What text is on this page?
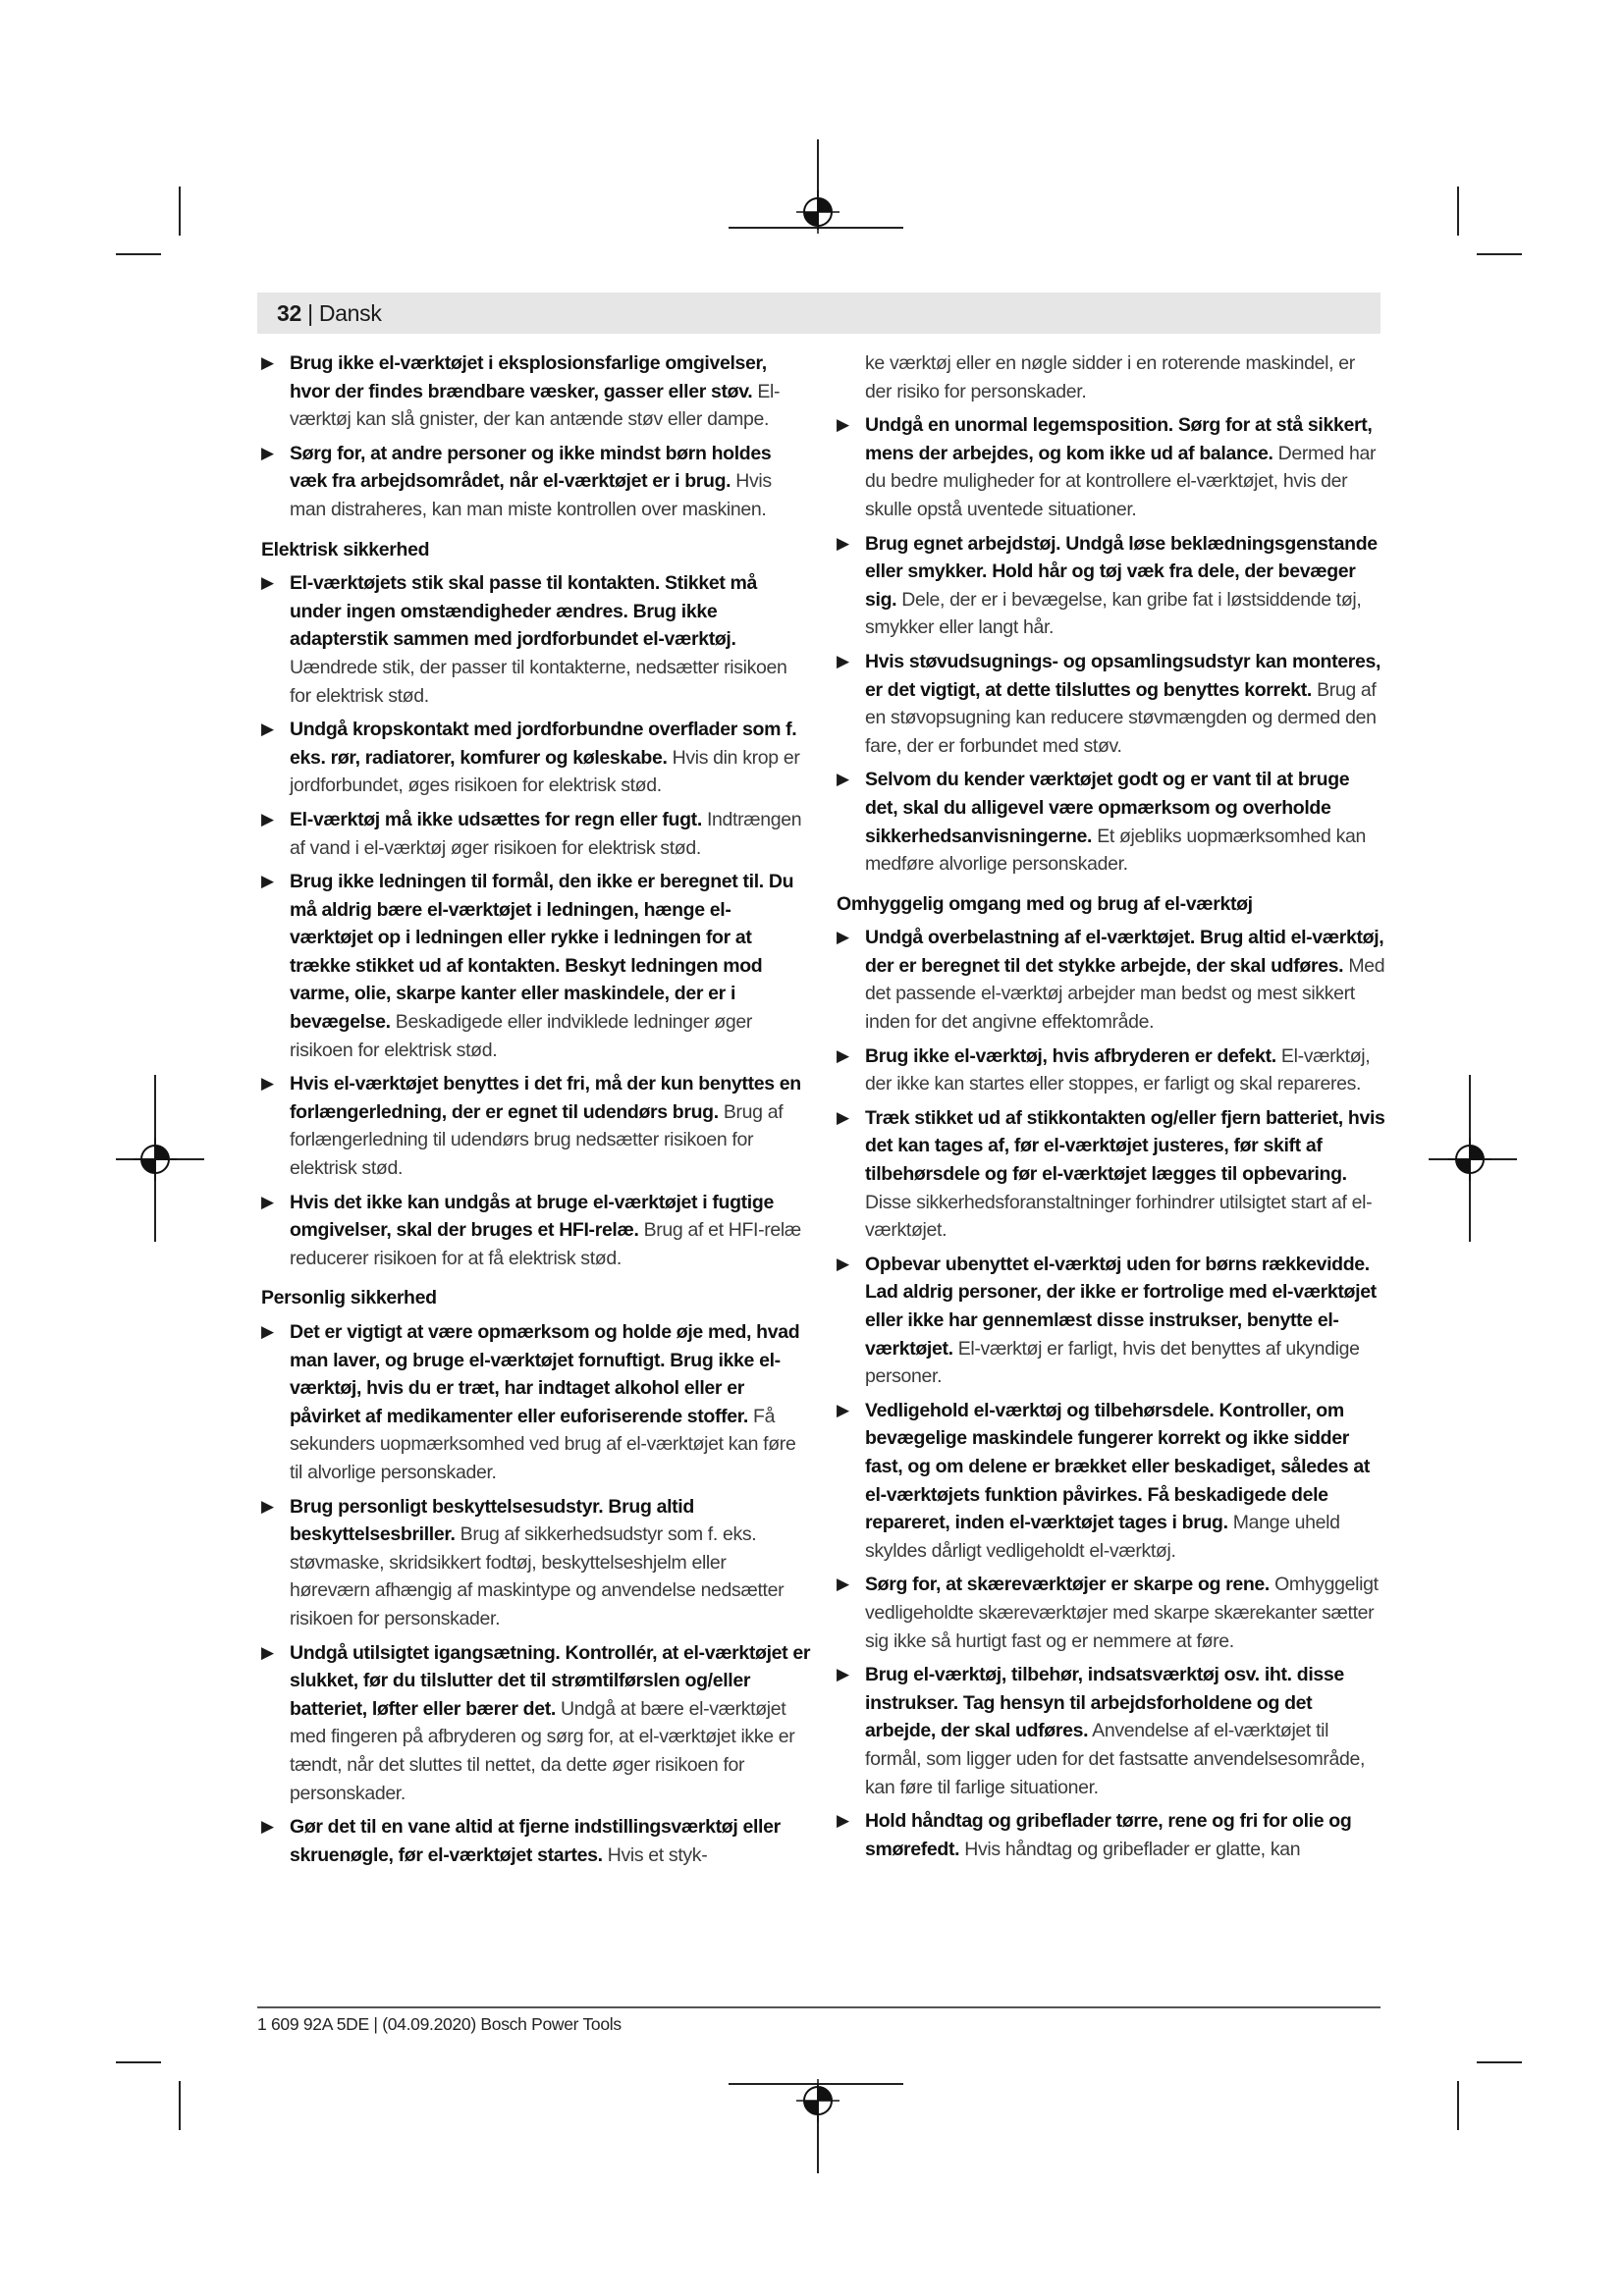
32 | Dansk
▶ Brug ikke el-værktøjet i eksplosionsfarlige omgivelser, hvor der findes brændbare væsker, gasser eller støv. El-værktøj kan slå gnister, der kan antænde støv eller dampe.
▶ Sørg for, at andre personer og ikke mindst børn holdes væk fra arbejdsområdet, når el-værktøjet er i brug. Hvis man distraheres, kan man miste kontrollen over maskinen.
Elektrisk sikkerhed
▶ El-værktøjets stik skal passe til kontakten. Stikket må under ingen omstændigheder ændres. Brug ikke adapterstik sammen med jordforbundet el-værktøj. Uændrede stik, der passer til kontakterne, nedsætter risikoen for elektrisk stød.
▶ Undgå kropskontakt med jordforbundne overflader som f. eks. rør, radiatorer, komfurer og køleskabe. Hvis din krop er jordforbundet, øges risikoen for elektrisk stød.
▶ El-værktøj må ikke udsættes for regn eller fugt. Indtrængen af vand i el-værktøj øger risikoen for elektrisk stød.
▶ Brug ikke ledningen til formål, den ikke er beregnet til. Du må aldrig bære el-værktøjet i ledningen, hænge el-værktøjet op i ledningen eller rykke i ledningen for at trække stikket ud af kontakten. Beskyt ledningen mod varme, olie, skarpe kanter eller maskindele, der er i bevægelse. Beskadigede eller indviklede ledninger øger risikoen for elektrisk stød.
▶ Hvis el-værktøjet benyttes i det fri, må der kun benyttes en forlængerledning, der er egnet til udendørs brug. Brug af forlængerledning til udendørs brug nedsætter risikoen for elektrisk stød.
▶ Hvis det ikke kan undgås at bruge el-værktøjet i fugtige omgivelser, skal der bruges et HFI-relæ. Brug af et HFI-relæ reducerer risikoen for at få elektrisk stød.
Personlig sikkerhed
▶ Det er vigtigt at være opmærksom og holde øje med, hvad man laver, og bruge el-værktøjet fornuftigt. Brug ikke el-værktøj, hvis du er træt, har indtaget alkohol eller er påvirket af medikamenter eller euforiserende stoffer. Få sekunders uopmærksomhed ved brug af el-værktøjet kan føre til alvorlige personskader.
▶ Brug personligt beskyttelsesudstyr. Brug altid beskyttelsesbriller. Brug af sikkerhedsudstyr som f. eks. støvmaske, skridsikkert fodtøj, beskyttelseshjelm eller høreværn afhængig af maskintype og anvendelse nedsætter risikoen for personskader.
▶ Undgå utilsigtet igangsætning. Kontrollér, at el-værktøjet er slukket, før du tilslutter det til strømtilførslen og/eller batteriet, løfter eller bærer det. Undgå at bære el-værktøjet med fingeren på afbryderen og sørg for, at el-værktøjet ikke er tændt, når det sluttes til nettet, da dette øger risikoen for personskader.
▶ Gør det til en vane altid at fjerne indstillingsværktøj eller skruenøgle, før el-værktøjet startes. Hvis et styk-
ke værktøj eller en nøgle sidder i en roterende maskindel, er der risiko for personskader.
▶ Undgå en unormal legemsposition. Sørg for at stå sikkert, mens der arbejdes, og kom ikke ud af balance. Dermed har du bedre muligheder for at kontrollere el-værktøjet, hvis der skulle opstå uventede situationer.
▶ Brug egnet arbejdstøj. Undgå løse beklædningsgenstande eller smykker. Hold hår og tøj væk fra dele, der bevæger sig. Dele, der er i bevægelse, kan gribe fat i løstsiddende tøj, smykker eller langt hår.
▶ Hvis støvudsugnings- og opsamlingsudstyr kan monteres, er det vigtigt, at dette tilsluttes og benyttes korrekt. Brug af en støvopsugning kan reducere støvmængden og dermed den fare, der er forbundet med støv.
▶ Selvom du kender værktøjet godt og er vant til at bruge det, skal du alligevel være opmærksom og overholde sikkerhedsanvisningerne. Et øjebliks uopmærksomhed kan medføre alvorlige personskader.
Omhyggelig omgang med og brug af el-værktøj
▶ Undgå overbelastning af el-værktøjet. Brug altid el-værktøj, der er beregnet til det stykke arbejde, der skal udføres. Med det passende el-værktøj arbejder man bedst og mest sikkert inden for det angivne effektområde.
▶ Brug ikke el-værktøj, hvis afbryderen er defekt. El-værktøj, der ikke kan startes eller stoppes, er farligt og skal repareres.
▶ Træk stikket ud af stikkontakten og/eller fjern batteriet, hvis det kan tages af, før el-værktøjet justeres, før skift af tilbehørsdele og før el-værktøjet lægges til opbevaring. Disse sikkerhedsforanstaltninger forhindrer utilsigtet start af el-værktøjet.
▶ Opbevar ubenyttet el-værktøj uden for børns rækkevidde. Lad aldrig personer, der ikke er fortrolige med el-værktøjet eller ikke har gennemlæst disse instrukser, benytte el-værktøjet. El-værktøj er farligt, hvis det benyttes af ukyndige personer.
▶ Vedligehold el-værktøj og tilbehørsdele. Kontroller, om bevægelige maskindele fungerer korrekt og ikke sidder fast, og om delene er brækket eller beskadiget, således at el-værktøjets funktion påvirkes. Få beskadigede dele repareret, inden el-værktøjet tages i brug. Mange uheld skyldes dårligt vedligeholdt el-værktøj.
▶ Sørg for, at skæreværktøjer er skarpe og rene. Omhyggeligt vedligeholdte skæreværktøjer med skarpe skærekanter sætter sig ikke så hurtigt fast og er nemmere at føre.
▶ Brug el-værktøj, tilbehør, indsatsværktøj osv. iht. disse instrukser. Tag hensyn til arbejdsforholdene og det arbejde, der skal udføres. Anvendelse af el-værktøjet til formål, som ligger uden for det fastsatte anvendelsesområde, kan føre til farlige situationer.
▶ Hold håndtag og gribeflader tørre, rene og fri for olie og smørefedt. Hvis håndtag og gribeflader er glatte, kan
1 609 92A 5DE | (04.09.2020) Bosch Power Tools
